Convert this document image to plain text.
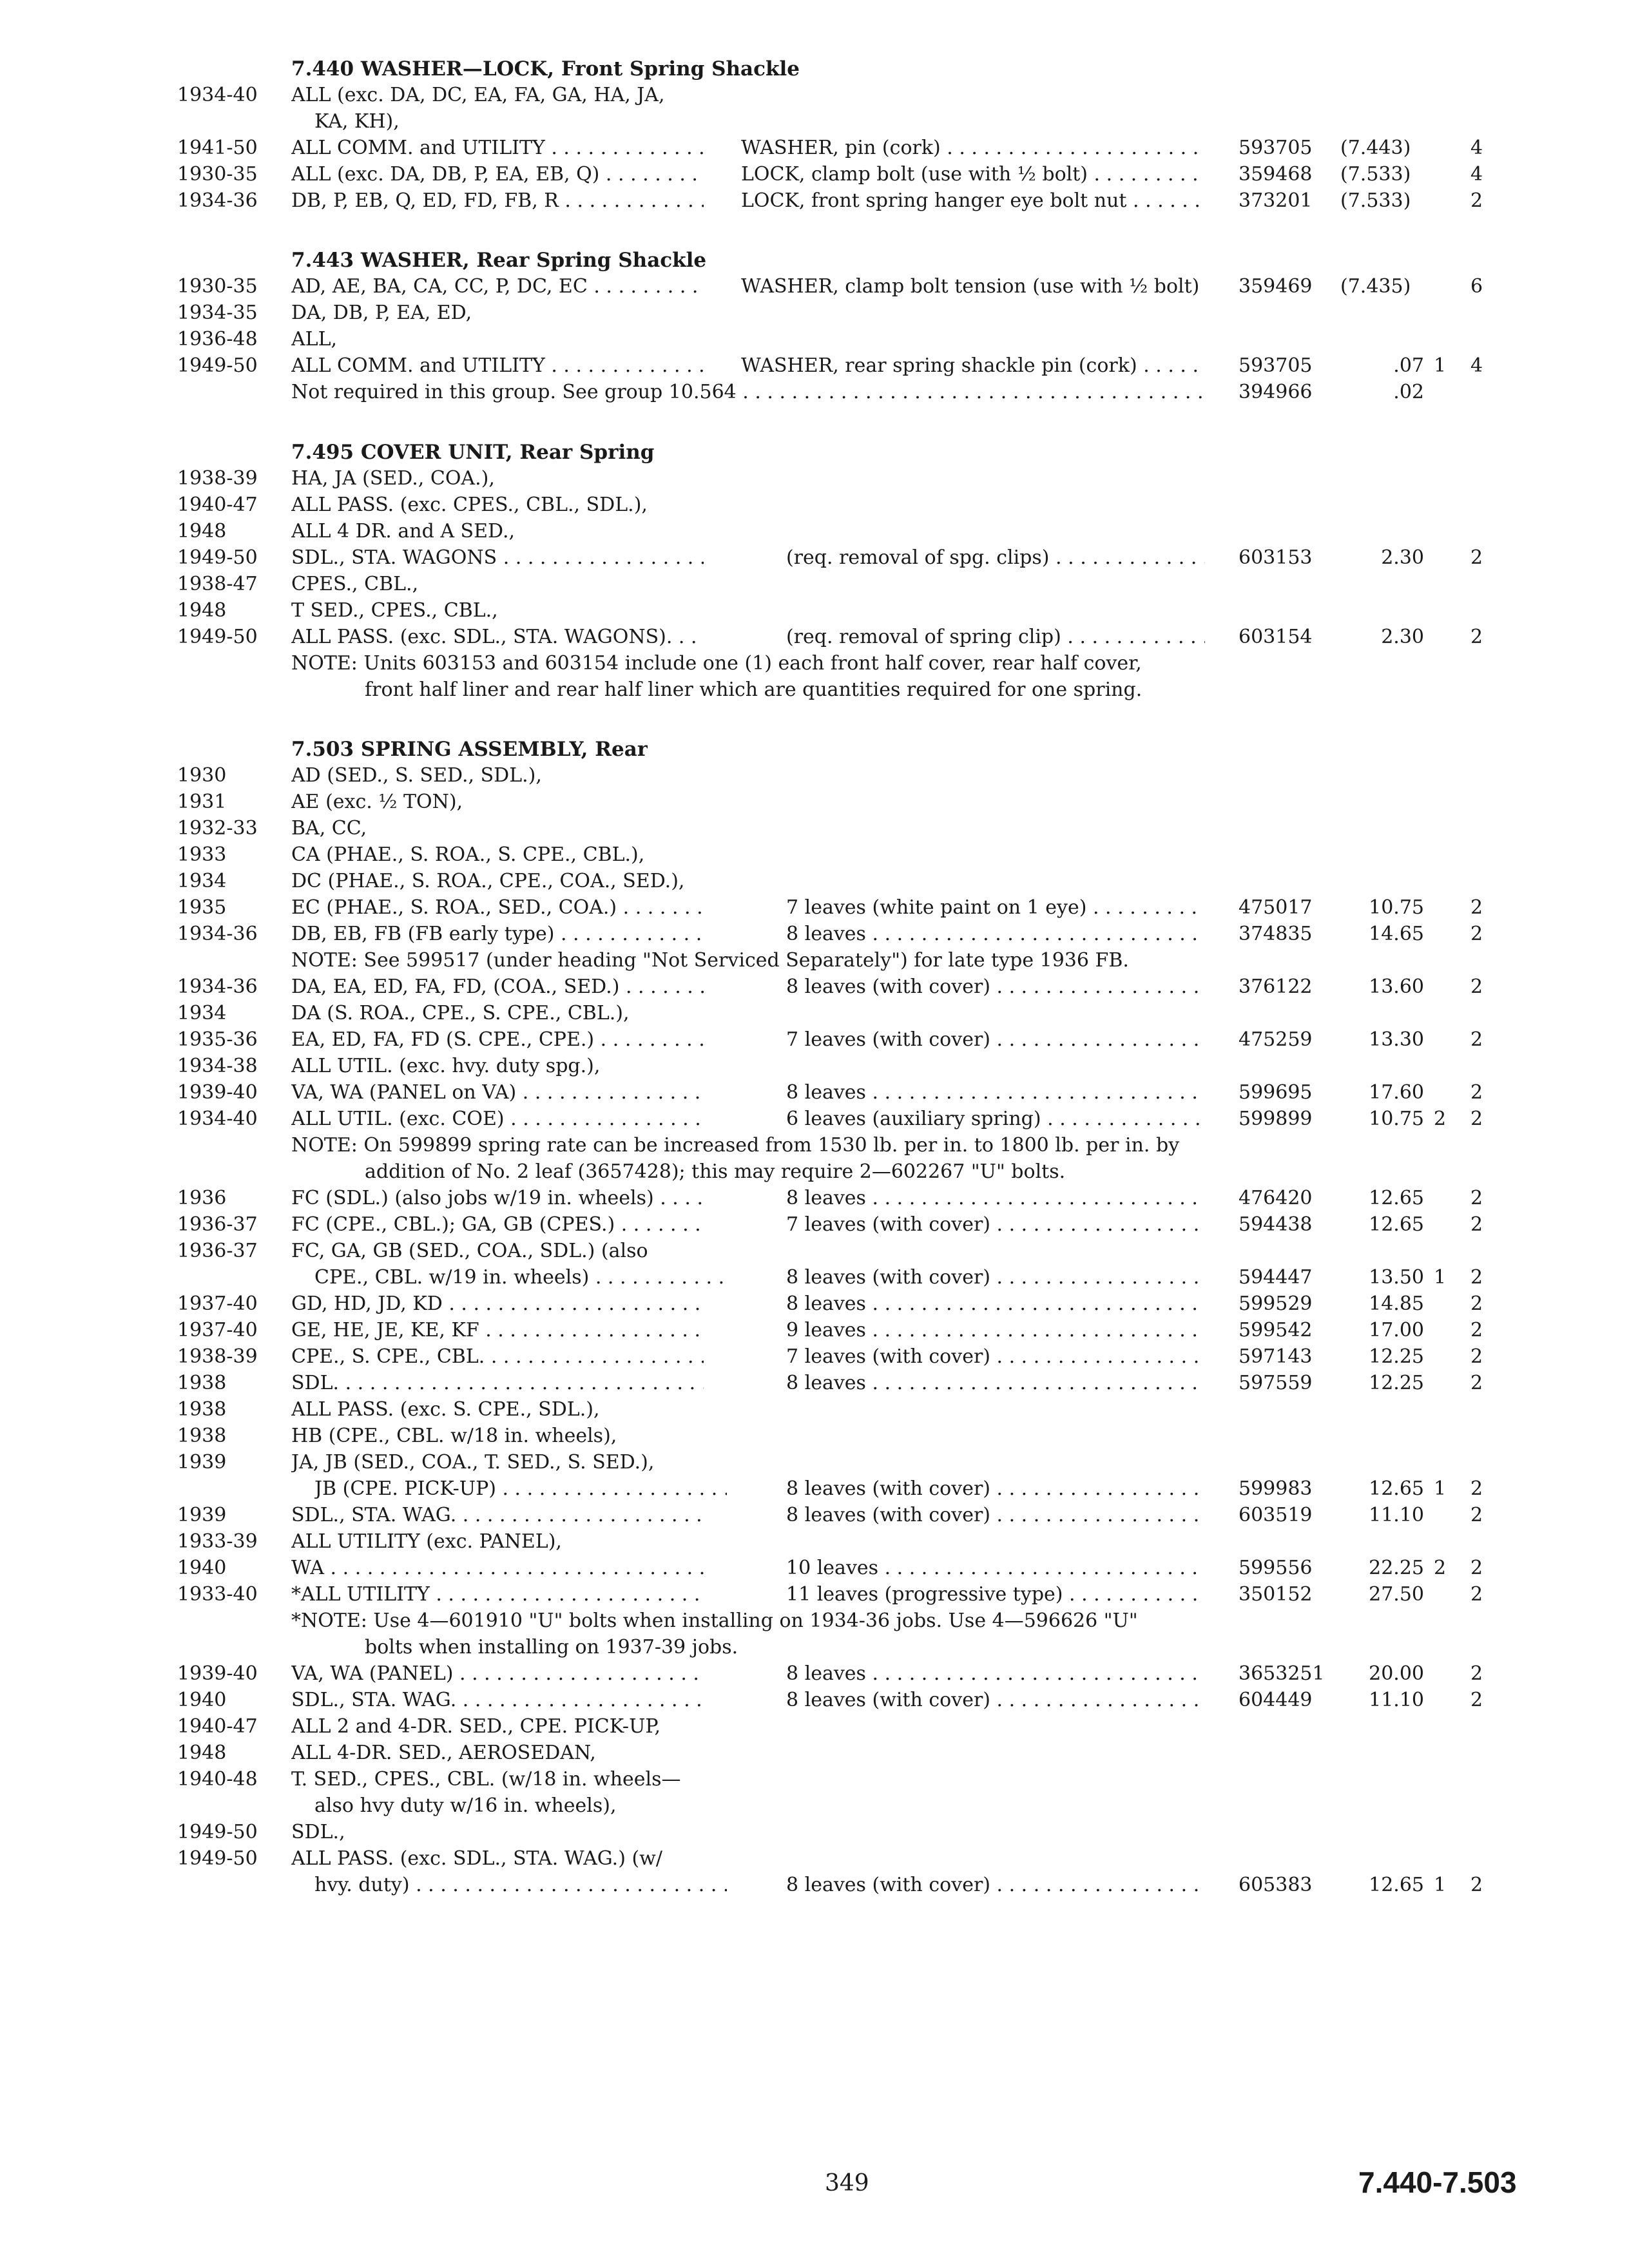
7.440 WASHER—LOCK, Front Spring Shackle
1934-40 ALL (exc. DA, DC, EA, FA, GA, HA, JA,
KA, KH),
1941-50 ALL COMM. and UTILITY . . .	WASHER, pin (cork) . . .	593705 (7.443)	4
1930-35 ALL (exc. DA, DB, P, EA, EB, Q) . . .	LOCK, clamp bolt (use with ½ bolt) . . .	359468 (7.533)	4
1934-36 DB, P, EB, Q, ED, FD, FB, R . . .	LOCK, front spring hanger eye bolt nut . . .	373201 (7.533)	2
7.443 WASHER, Rear Spring Shackle
1930-35 AD, AE, BA, CA, CC, P, DC, EC . . .	WASHER, clamp bolt tension (use with ½ bolt) . . . 359469 (7.435)	6
1934-35 DA, DB, P, EA, ED,
1936-48 ALL,
1949-50 ALL COMM. and UTILITY . . .	WASHER, rear spring shackle pin (cork) . . .	593705	.07 1 4
Not required in this group. See group 10.564 . . .	394966	.02
7.495 COVER UNIT, Rear Spring
1938-39 HA, JA (SED., COA.),
1940-47 ALL PASS. (exc. CPES., CBL., SDL.),
1948	ALL 4 DR. and A SED.,
1949-50 SDL., STA. WAGONS . . .	(req. removal of spg. clips) . . .	603153	2.30 2
1938-47 CPES., CBL.,
1948	T SED., CPES., CBL.,
1949-50 ALL PASS. (exc. SDL., STA. WAGONS). . . .	(req. removal of spring clip) . . .	603154	2.30 2
NOTE: Units 603153 and 603154 include one (1) each front half cover, rear half cover,
front half liner and rear half liner which are quantities required for one spring.
7.503 SPRING ASSEMBLY, Rear
1930	AD (SED., S. SED., SDL.),
1931	AE (exc. ½ TON),
1932-33 BA, CC,
1933	CA (PHAE., S. ROA., S. CPE., CBL.),
1934	DC (PHAE., S. ROA., CPE., COA., SED.),
1935	EC (PHAE., S. ROA., SED., COA.) . . .	7 leaves (white paint on 1 eye) . . .	475017	10.75 2
1934-36 DB, EB, FB (FB early type) . . .	8 leaves . . .	374835	14.65 2
NOTE: See 599517 (under heading "Not Serviced Separately") for late type 1936 FB.
1934-36 DA, EA, ED, FA, FD, (COA., SED.) . . .	8 leaves (with cover) . . .	376122	13.60 2
1934	DA (S. ROA., CPE., S. CPE., CBL.),
1935-36 EA, ED, FA, FD (S. CPE., CPE.) . . .	7 leaves (with cover) . . .	475259	13.30 2
1934-38 ALL UTIL. (exc. hvy. duty spg.),
1939-40 VA, WA (PANEL on VA) . . .	8 leaves . . .	599695	17.60 2
1934-40 ALL UTIL. (exc. COE) . . .	6 leaves (auxiliary spring) . . .	599899	10.75 2 2
NOTE: On 599899 spring rate can be increased from 1530 lb. per in. to 1800 lb. per in. by
addition of No. 2 leaf (3657428); this may require 2—602267 "U" bolts.
1936	FC (SDL.) (also jobs w/19 in. wheels) . . .	8 leaves . . .	476420	12.65 2
1936-37 FC (CPE., CBL.); GA, GB (CPES.) . . .	7 leaves (with cover) . . .	594438	12.65 2
1936-37 FC, GA, GB (SED., COA., SDL.) (also
CPE., CBL. w/19 in. wheels) . . .	8 leaves (with cover) . . .	594447	13.50 1 2
1937-40 GD, HD, JD, KD . . .	8 leaves . . .	599529	14.85 2
1937-40 GE, HE, JE, KE, KF . . .	9 leaves . . .	599542	17.00 2
1938-39 CPE., S. CPE., CBL. . . .	7 leaves (with cover) . . .	597143	12.25 2
1938	SDL. . . .	8 leaves . . .	597559	12.25 2
1938	ALL PASS. (exc. S. CPE., SDL.),
1938	HB (CPE., CBL. w/18 in. wheels),
1939	JA, JB (SED., COA., T. SED., S. SED.),
JB (CPE. PICK-UP) . . .	8 leaves (with cover) . . .	599983	12.65 1 2
1939	SDL., STA. WAG. . . .	8 leaves (with cover) . . .	603519	11.10 2
1933-39 ALL UTILITY (exc. PANEL),
1940	WA . . .	10 leaves . . .	599556	22.25 2 2
1933-40 *ALL UTILITY . . .	11 leaves (progressive type) . . .	350152	27.50 2
*NOTE: Use 4—601910 "U" bolts when installing on 1934-36 jobs. Use 4—596626 "U"
bolts when installing on 1937-39 jobs.
1939-40 VA, WA (PANEL) . . .	8 leaves . . .	3653251	20.00 2
1940	SDL., STA. WAG. . . .	8 leaves (with cover) . . .	604449	11.10 2
1940-47 ALL 2 and 4-DR. SED., CPE. PICK-UP,
1948	ALL 4-DR. SED., AEROSEDAN,
1940-48 T. SED., CPES., CBL. (w/18 in. wheels—
also hvy duty w/16 in. wheels),
1949-50 SDL.,
1949-50 ALL PASS. (exc. SDL., STA. WAG.) (w/
hvy. duty) . . .	8 leaves (with cover) . . .	605383	12.65 1 2
349	7.440-7.503
